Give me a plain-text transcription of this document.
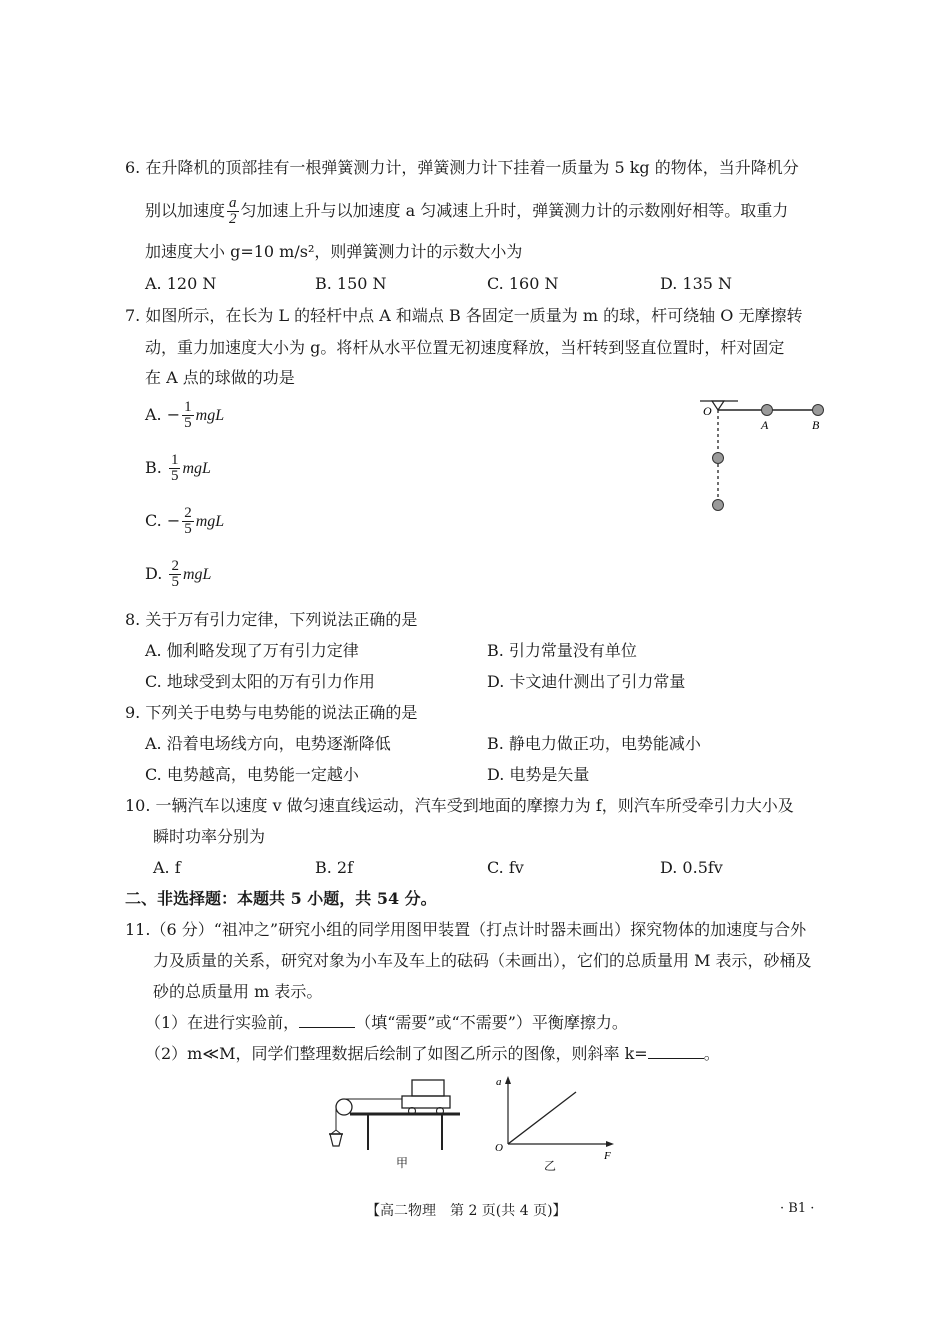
6. 在升降机的顶部挂有一根弹簧测力计，弹簧测力计下挂着一质量为 5 kg 的物体，当升降机分
别以加速度 $\frac{a}{2}$ 匀加速上升与以加速度 a 匀减速上升时，弹簧测力计的示数刚好相等。取重力
加速度大小 g=10 m/s²，则弹簧测力计的示数大小为
A. 120 N	B. 150 N	C. 160 N	D. 135 N
7. 如图所示，在长为 L 的轻杆中点 A 和端点 B 各固定一质量为 m 的球，杆可绕轴 O 无摩擦转
动，重力加速度大小为 g。将杆从水平位置无初速度释放，当杆转到竖直位置时，杆对固定
在 A 点的球做的功是
A. − $\frac{1}{5}$ mgL
B. $\frac{1}{5}$ mgL
C. − $\frac{2}{5}$ mgL
D. $\frac{2}{5}$ mgL
O
A	B
8. 关于万有引力定律，下列说法正确的是
A. 伽利略发现了万有引力定律	B. 引力常量没有单位
C. 地球受到太阳的万有引力作用	D. 卡文迪什测出了引力常量
9. 下列关于电势与电势能的说法正确的是
A. 沿着电场线方向，电势逐渐降低	B. 静电力做正功，电势能减小
C. 电势越高，电势能一定越小	D. 电势是矢量
10. 一辆汽车以速度 v 做匀速直线运动，汽车受到地面的摩擦力为 f，则汽车所受牵引力大小及
瞬时功率分别为
A. f	B. 2f	C. fv	D. 0.5fv
二、非选择题：本题共 5 小题，共 54 分。
11.（6 分）“祖冲之”研究小组的同学用图甲装置（打点计时器未画出）探究物体的加速度与合外
力及质量的关系，研究对象为小车及车上的砝码（未画出），它们的总质量用 M 表示，砂桶及
砂的总质量用 m 表示。
（1）在进行实验前，	（填“需要”或“不需要”）平衡摩擦力。
（2）m≪M，同学们整理数据后绘制了如图乙所示的图像，则斜率 k=	。
甲
a
O
F
乙
【高二物理　第 2 页(共 4 页)】	· B1 ·
